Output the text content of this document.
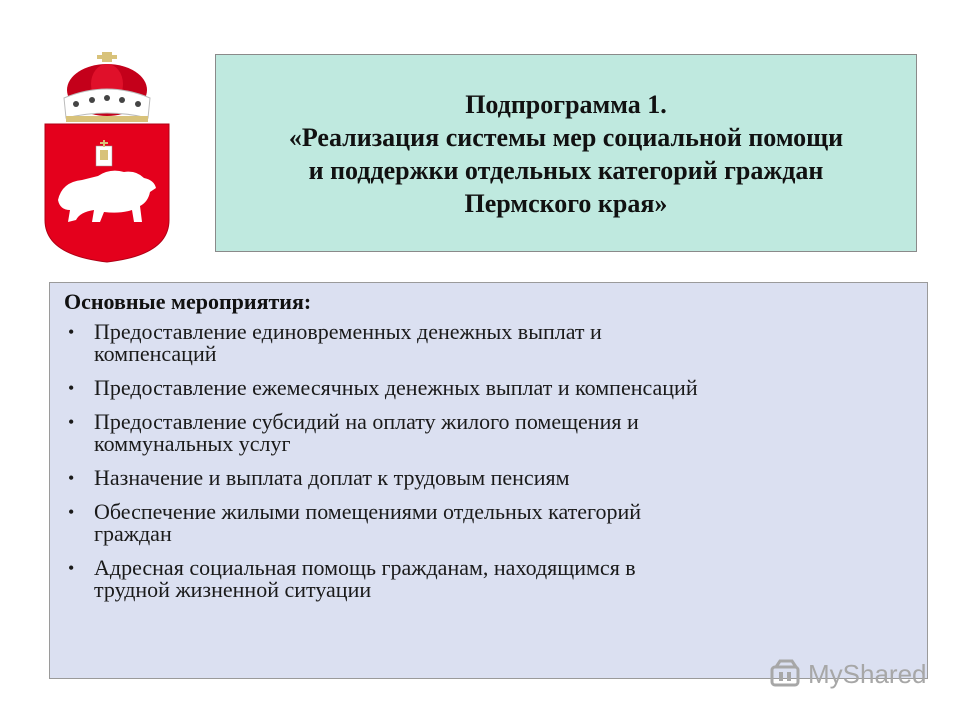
Подпрограмма 1.
«Реализация системы мер социальной помощи
и поддержки отдельных категорий граждан
Пермского края»
Основные мероприятия:
• Предоставление единовременных денежных выплат и
компенсаций
• Предоставление ежемесячных денежных выплат и компенсаций
• Предоставление субсидий на оплату жилого помещения и
коммунальных услуг
• Назначение и выплата доплат к трудовым пенсиям
• Обеспечение жилыми помещениями отдельных категорий
граждан
• Адресная социальная помощь гражданам, находящимся в
трудной жизненной ситуации
MyShared
